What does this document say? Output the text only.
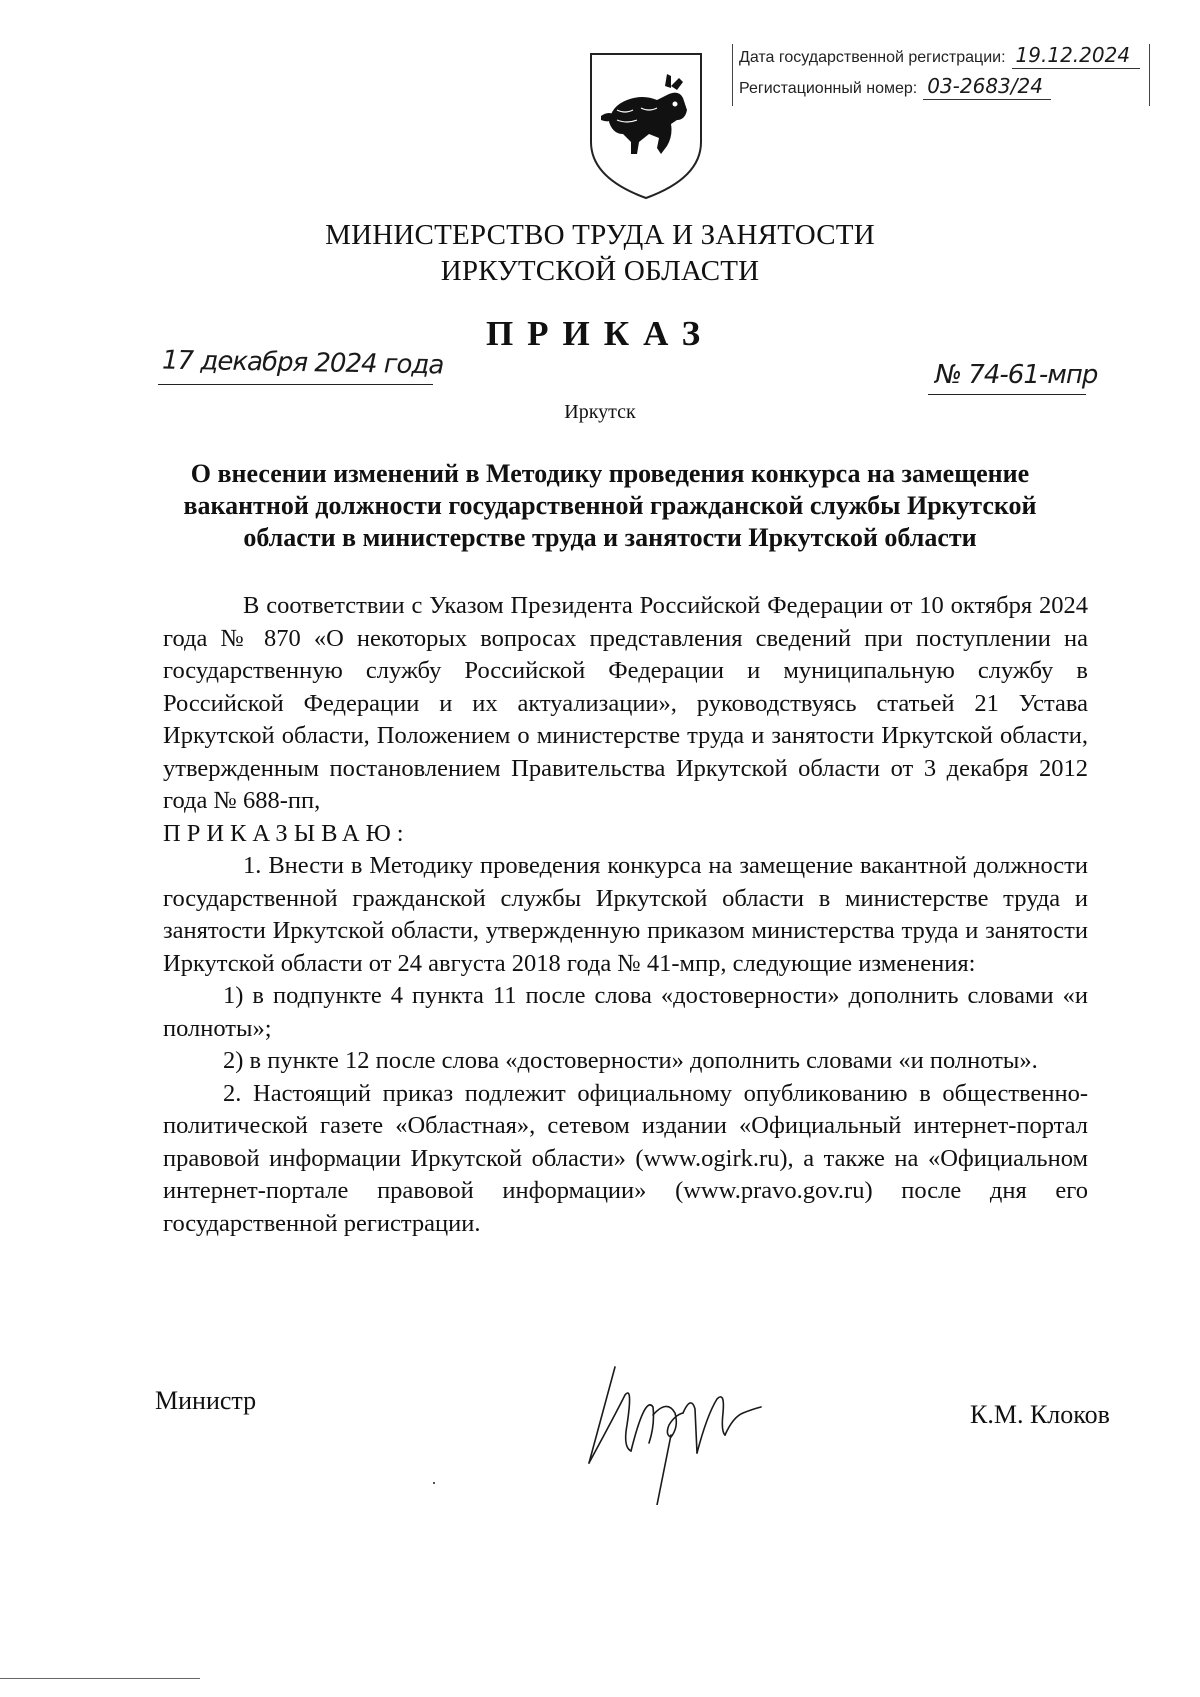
Дата государственной регистрации: 19.12.2024
Регистационный номер: 03-2683/24
МИНИСТЕРСТВО ТРУДА И ЗАНЯТОСТИ
ИРКУТСКОЙ ОБЛАСТИ
ПРИКАЗ
17 декабря 2024 года	№ 74-61-мпр
Иркутск
О внесении изменений в Методику проведения конкурса на замещение
вакантной должности государственной гражданской службы Иркутской
области в министерстве труда и занятости Иркутской области

В соответствии с Указом Президента Российской Федерации от 10 октября 2024 года № 870 «О некоторых вопросах представления сведений при поступлении на государственную службу Российской Федерации и муниципальную службу в Российской Федерации и их актуализации», руководствуясь статьей 21 Устава Иркутской области, Положением о министерстве труда и занятости Иркутской области, утвержденным постановлением Правительства Иркутской области от 3 декабря 2012 года № 688-пп,

ПРИКАЗЫВАЮ:

1. Внести в Методику проведения конкурса на замещение вакантной должности государственной гражданской службы Иркутской области в министерстве труда и занятости Иркутской области, утвержденную приказом министерства труда и занятости Иркутской области от 24 августа 2018 года № 41-мпр, следующие изменения:

1) в подпункте 4 пункта 11 после слова «достоверности» дополнить словами «и полноты»;

2) в пункте 12 после слова «достоверности» дополнить словами «и полноты».

2. Настоящий приказ подлежит официальному опубликованию в общественно-политической газете «Областная», сетевом издании «Официальный интернет-портал правовой информации Иркутской области» (www.ogirk.ru), а также на «Официальном интернет-портале правовой информации» (www.pravo.gov.ru) после дня его государственной регистрации.

Министр	К.М. Клоков
